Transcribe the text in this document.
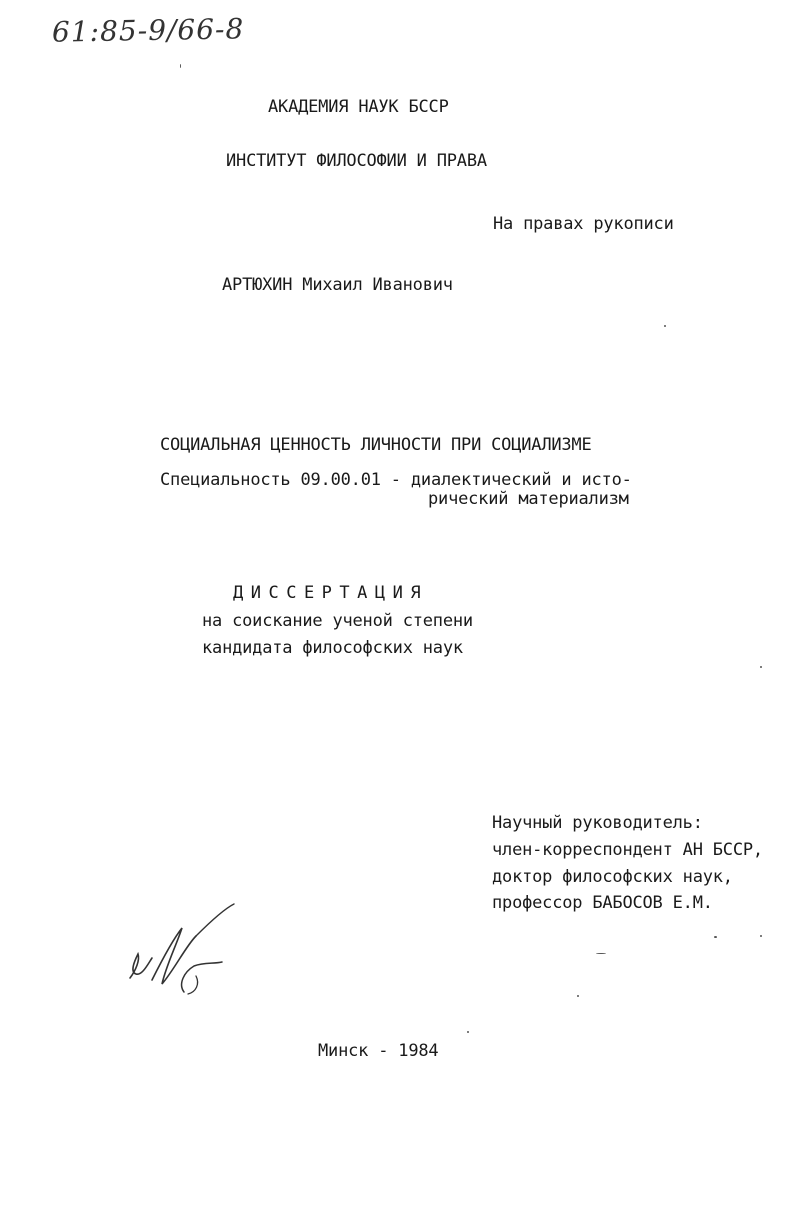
61:85-9/66-8
АКАДЕМИЯ НАУК БССР
ИНСТИТУТ ФИЛОСОФИИ И ПРАВА
На правах рукописи
АРТЮХИН Михаил Иванович
СОЦИАЛЬНАЯ ЦЕННОСТЬ ЛИЧНОСТИ ПРИ СОЦИАЛИЗМЕ
Специальность 09.00.01 - диалектический и исто-
рический материализм
ДИССЕРТАЦИЯ
на соискание ученой степени
кандидата философских наук
Научный руководитель:
член-корреспондент АН БССР,
доктор философских наук,
профессор БАБОСОВ Е.М.
Минск - 1984
